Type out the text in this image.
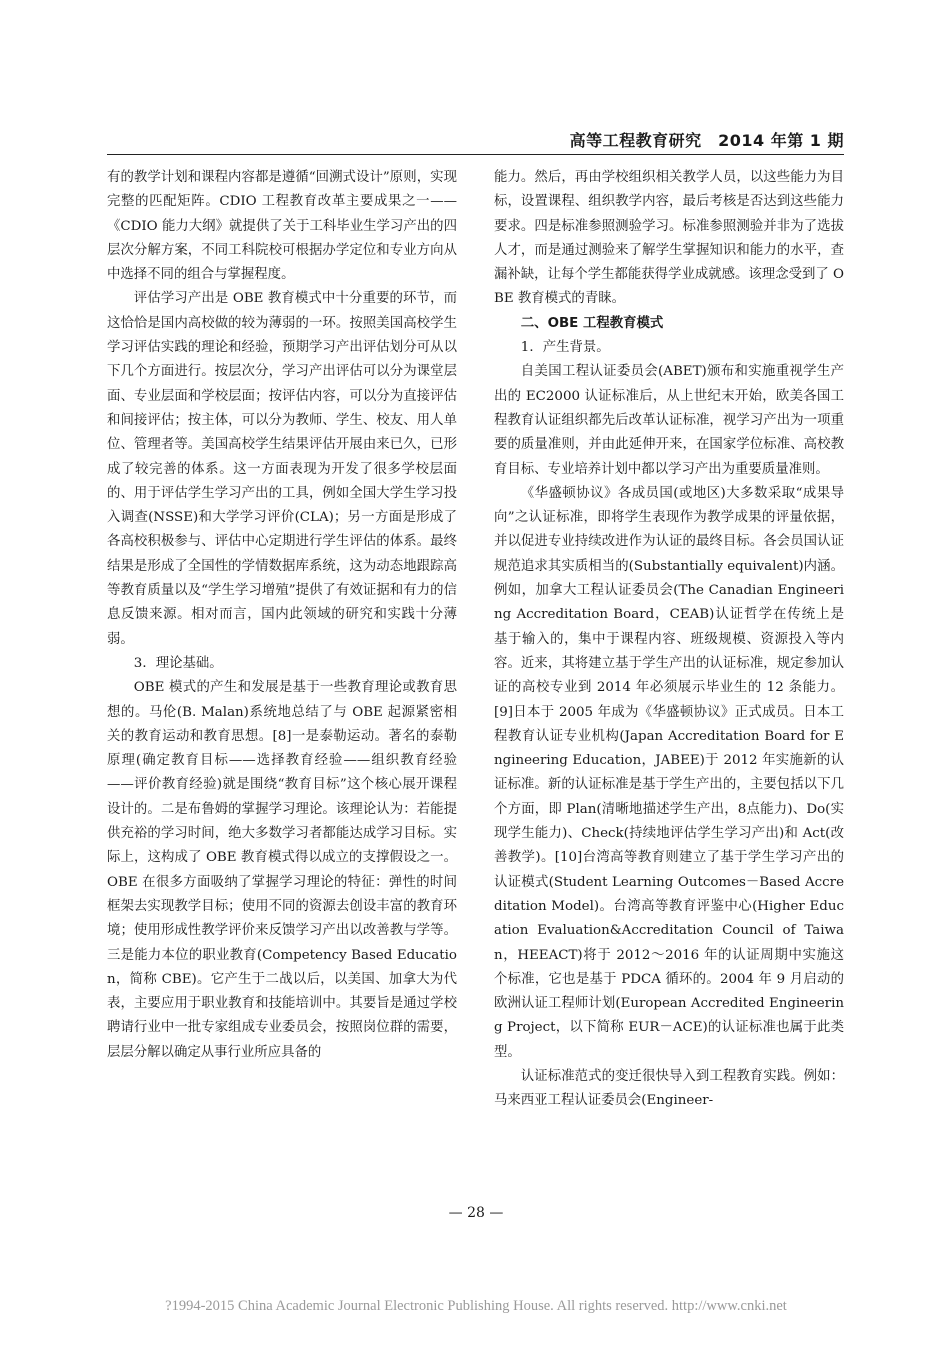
高等工程教育研究　2014 年第 1 期

有的教学计划和课程内容都是遵循“回溯式设计”原则，实现完整的匹配矩阵。CDIO 工程教育改革主要成果之一——《CDIO 能力大纲》就提供了关于工科毕业生学习产出的四层次分解方案，不同工科院校可根据办学定位和专业方向从中选择不同的组合与掌握程度。

评估学习产出是 OBE 教育模式中十分重要的环节，而这恰恰是国内高校做的较为薄弱的一环。按照美国高校学生学习评估实践的理论和经验，预期学习产出评估划分可从以下几个方面进行。按层次分，学习产出评估可以分为课堂层面、专业层面和学校层面；按评估内容，可以分为直接评估和间接评估；按主体，可以分为教师、学生、校友、用人单位、管理者等。美国高校学生结果评估开展由来已久，已形成了较完善的体系。这一方面表现为开发了很多学校层面的、用于评估学生学习产出的工具，例如全国大学生学习投入调查(NSSE)和大学学习评价(CLA)；另一方面是形成了各高校积极参与、评估中心定期进行学生评估的体系。最终结果是形成了全国性的学情数据库系统，这为动态地跟踪高等教育质量以及“学生学习增殖”提供了有效证据和有力的信息反馈来源。相对而言，国内此领域的研究和实践十分薄弱。

3．理论基础。

OBE 模式的产生和发展是基于一些教育理论或教育思想的。马伦(B. Malan)系统地总结了与 OBE 起源紧密相关的教育运动和教育思想。[8]一是泰勒运动。著名的泰勒原理(确定教育目标——选择教育经验——组织教育经验——评价教育经验)就是围绕“教育目标”这个核心展开课程设计的。二是布鲁姆的掌握学习理论。该理论认为：若能提供充裕的学习时间，绝大多数学习者都能达成学习目标。实际上，这构成了 OBE 教育模式得以成立的支撑假设之一。OBE 在很多方面吸纳了掌握学习理论的特征：弹性的时间框架去实现教学目标；使用不同的资源去创设丰富的教育环境；使用形成性教学评价来反馈学习产出以改善教与学等。三是能力本位的职业教育(Competency Based Education，简称 CBE)。它产生于二战以后，以美国、加拿大为代表，主要应用于职业教育和技能培训中。其要旨是通过学校聘请行业中一批专家组成专业委员会，按照岗位群的需要，层层分解以确定从事行业所应具备的

能力。然后，再由学校组织相关教学人员，以这些能力为目标，设置课程、组织教学内容，最后考核是否达到这些能力要求。四是标准参照测验学习。标准参照测验并非为了选拔人才，而是通过测验来了解学生掌握知识和能力的水平，查漏补缺，让每个学生都能获得学业成就感。该理念受到了 OBE 教育模式的青睐。

二、OBE 工程教育模式

1．产生背景。

自美国工程认证委员会(ABET)颁布和实施重视学生产出的 EC2000 认证标准后，从上世纪末开始，欧美各国工程教育认证组织都先后改革认证标准，视学习产出为一项重要的质量准则，并由此延伸开来，在国家学位标准、高校教育目标、专业培养计划中都以学习产出为重要质量准则。

《华盛顿协议》各成员国(或地区)大多数采取“成果导向”之认证标准，即将学生表现作为教学成果的评量依据，并以促进专业持续改进作为认证的最终目标。各会员国认证规范追求其实质相当的(Substantially equivalent)内涵。例如，加拿大工程认证委员会(The Canadian Engineering Accreditation Board，CEAB)认证哲学在传统上是基于输入的，集中于课程内容、班级规模、资源投入等内容。近来，其将建立基于学生产出的认证标准，规定参加认证的高校专业到 2014 年必须展示毕业生的 12 条能力。[9]日本于 2005 年成为《华盛顿协议》正式成员。日本工程教育认证专业机构(Japan Accreditation Board for Engineering Education，JABEE)于 2012 年实施新的认证标准。新的认证标准是基于学生产出的，主要包括以下几个方面，即 Plan(清晰地描述学生产出，8点能力)、Do(实现学生能力)、Check(持续地评估学生学习产出)和 Act(改善教学)。[10]台湾高等教育则建立了基于学生学习产出的认证模式(Student Learning Outcomes－Based Accreditation Model)。台湾高等教育评鉴中心(Higher Education Evaluation&Accreditation Council of Taiwan，HEEACT)将于 2012～2016 年的认证周期中实施这个标准，它也是基于 PDCA 循环的。2004 年 9 月启动的欧洲认证工程师计划(European Accredited Engineering Project，以下简称 EUR－ACE)的认证标准也属于此类型。

认证标准范式的变迁很快导入到工程教育实践。例如：马来西亚工程认证委员会(Engineer-

— 28 —
?1994-2015 China Academic Journal Electronic Publishing House. All rights reserved. http://www.cnki.net
